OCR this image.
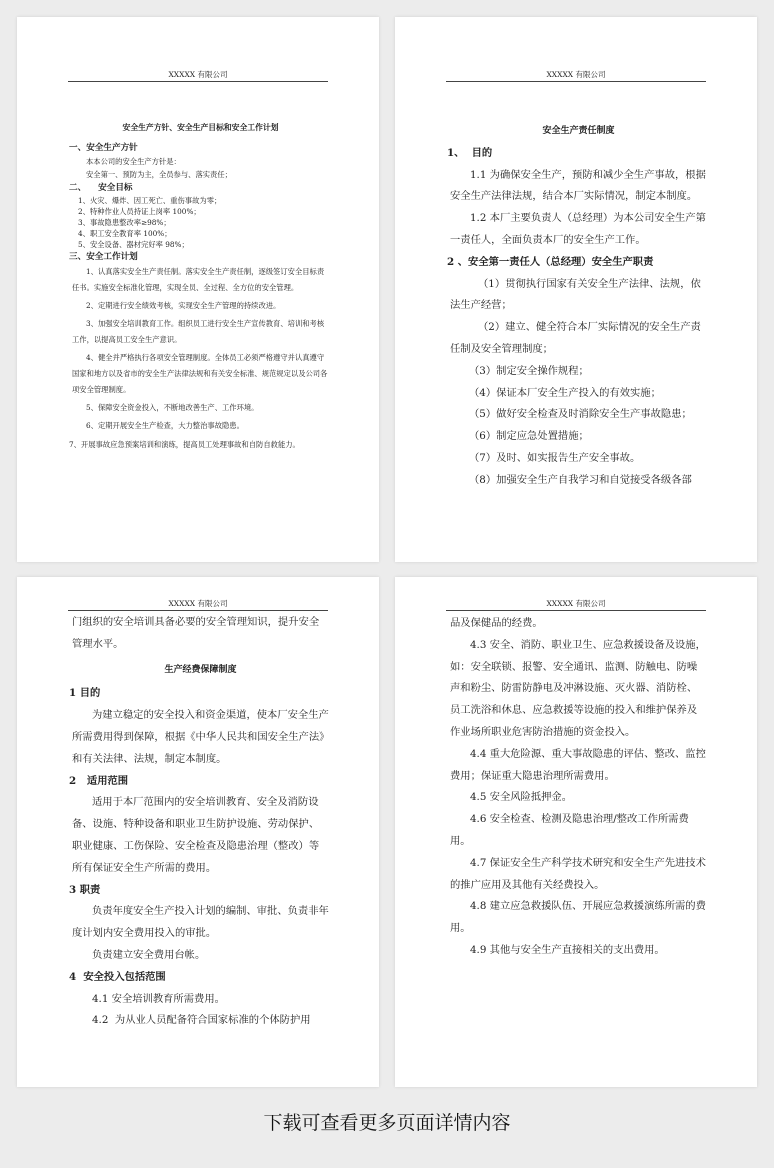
XXXXX 有限公司
安全生产方针、安全生产目标和安全工作计划
一、安全生产方针
本本公司的安全生产方针是：
安全第一、预防为主，全员参与、落实责任；
二、    安全目标
1、火灾、爆炸、因工死亡、重伤事故为零；
2、特种作业人员持证上岗率 100%；
3、事故隐患整改率≥98%；
4、职工安全教育率 100%；
5、安全设备、器材完好率 98%；
三、安全工作计划
1、认真落实安全生产责任制。落实安全生产责任制，逐级签订安全目标责任书。实施安全标准化管理，实现全员、全过程、全方位的安全管理。
2、定期进行安全绩效考核，实现安全生产管理的持续改进。
3、加强安全培训教育工作。组织员工进行安全生产宣传教育、培训和考核工作，以提高员工安全生产意识。
4、健全并严格执行各项安全管理制度。全体员工必须严格遵守并认真遵守国家和地方以及省市的安全生产法律法规和有关安全标准、规范规定以及公司各项安全管理制度。
5、保障安全资金投入，不断地改善生产、工作环境。
6、定期开展安全生产检查，大力整治事故隐患。
7、开展事故应急预案培训和演练，提高员工处理事故和自防自救能力。
XXXXX 有限公司
安全生产责任制度
1、  目的
1.1 为确保安全生产，预防和减少全生产事故，根据安全生产法律法规，结合本厂实际情况，制定本制度。
1.2 本厂主要负责人（总经理）为本公司安全生产第一责任人，全面负责本厂的安全生产工作。
2 、安全第一责任人（总经理）安全生产职责
（1）贯彻执行国家有关安全生产法律、法规，依法生产经营；
（2）建立、健全符合本厂实际情况的安全生产责任制及安全管理制度；
（3）制定安全操作规程；
（4）保证本厂安全生产投入的有效实施；
（5）做好安全检查及时消除安全生产事故隐患；
（6）制定应急处置措施；
（7）及时、如实报告生产安全事故。
（8）加强安全生产自我学习和自觉接受各级各部
XXXXX 有限公司
门组织的安全培训具备必要的安全管理知识，提升安全管理水平。
生产经费保障制度
1 目的
为建立稳定的安全投入和资金渠道，使本厂安全生产所需费用得到保障，根据《中华人民共和国安全生产法》和有关法律、法规，制定本制度。
2   适用范围
适用于本厂范围内的安全培训教育、安全及消防设备、设施、特种设备和职业卫生防护设施、劳动保护、职业健康、工伤保险、安全检查及隐患治理（整改）等所有保证安全生产所需的费用。
3 职责
负责年度安全生产投入计划的编制、审批、负责非年度计划内安全费用投入的审批。
负责建立安全费用台帐。
4  安全投入包括范围
4.1 安全培训教育所需费用。
4.2  为从业人员配备符合国家标准的个体防护用
XXXXX 有限公司
品及保健品的经费。
4.3 安全、消防、职业卫生、应急救援设备及设施，如：安全联锁、报警、安全通讯、监测、防触电、防噪声和粉尘、防雷防静电及冲淋设施、灭火器、消防栓、员工洗浴和休息、应急救援等设施的投入和维护保养及作业场所职业危害防治措施的资金投入。
4.4 重大危险源、重大事故隐患的评估、整改、监控费用；保证重大隐患治理所需费用。
4.5 安全风险抵押金。
4.6 安全检查、检测及隐患治理/整改工作所需费用。
4.7 保证安全生产科学技术研究和安全生产先进技术的推广应用及其他有关经费投入。
4.8 建立应急救援队伍、开展应急救援演练所需的费用。
4.9 其他与安全生产直接相关的支出费用。
下载可查看更多页面详情内容
